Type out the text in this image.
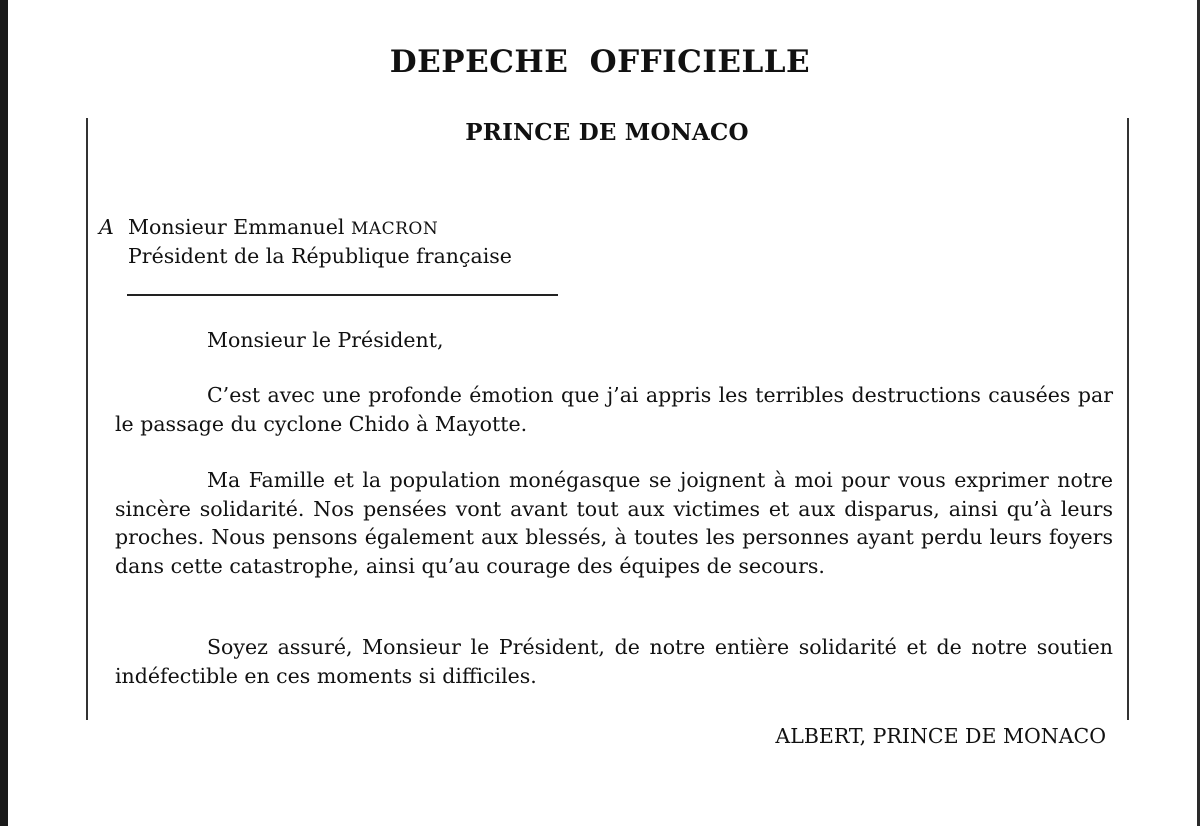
DEPECHE OFFICIELLE
PRINCE DE MONACO
A Monsieur Emmanuel MACRON
Président de la République française
Monsieur le Président,
C’est avec une profonde émotion que j’ai appris les terribles destructions causées par le passage du cyclone Chido à Mayotte.
Ma Famille et la population monégasque se joignent à moi pour vous exprimer notre sincère solidarité. Nos pensées vont avant tout aux victimes et aux disparus, ainsi qu’à leurs proches. Nous pensons également aux blessés, à toutes les personnes ayant perdu leurs foyers dans cette catastrophe, ainsi qu’au courage des équipes de secours.
Soyez assuré, Monsieur le Président, de notre entière solidarité et de notre soutien indéfectible en ces moments si difficiles.
ALBERT, PRINCE DE MONACO
